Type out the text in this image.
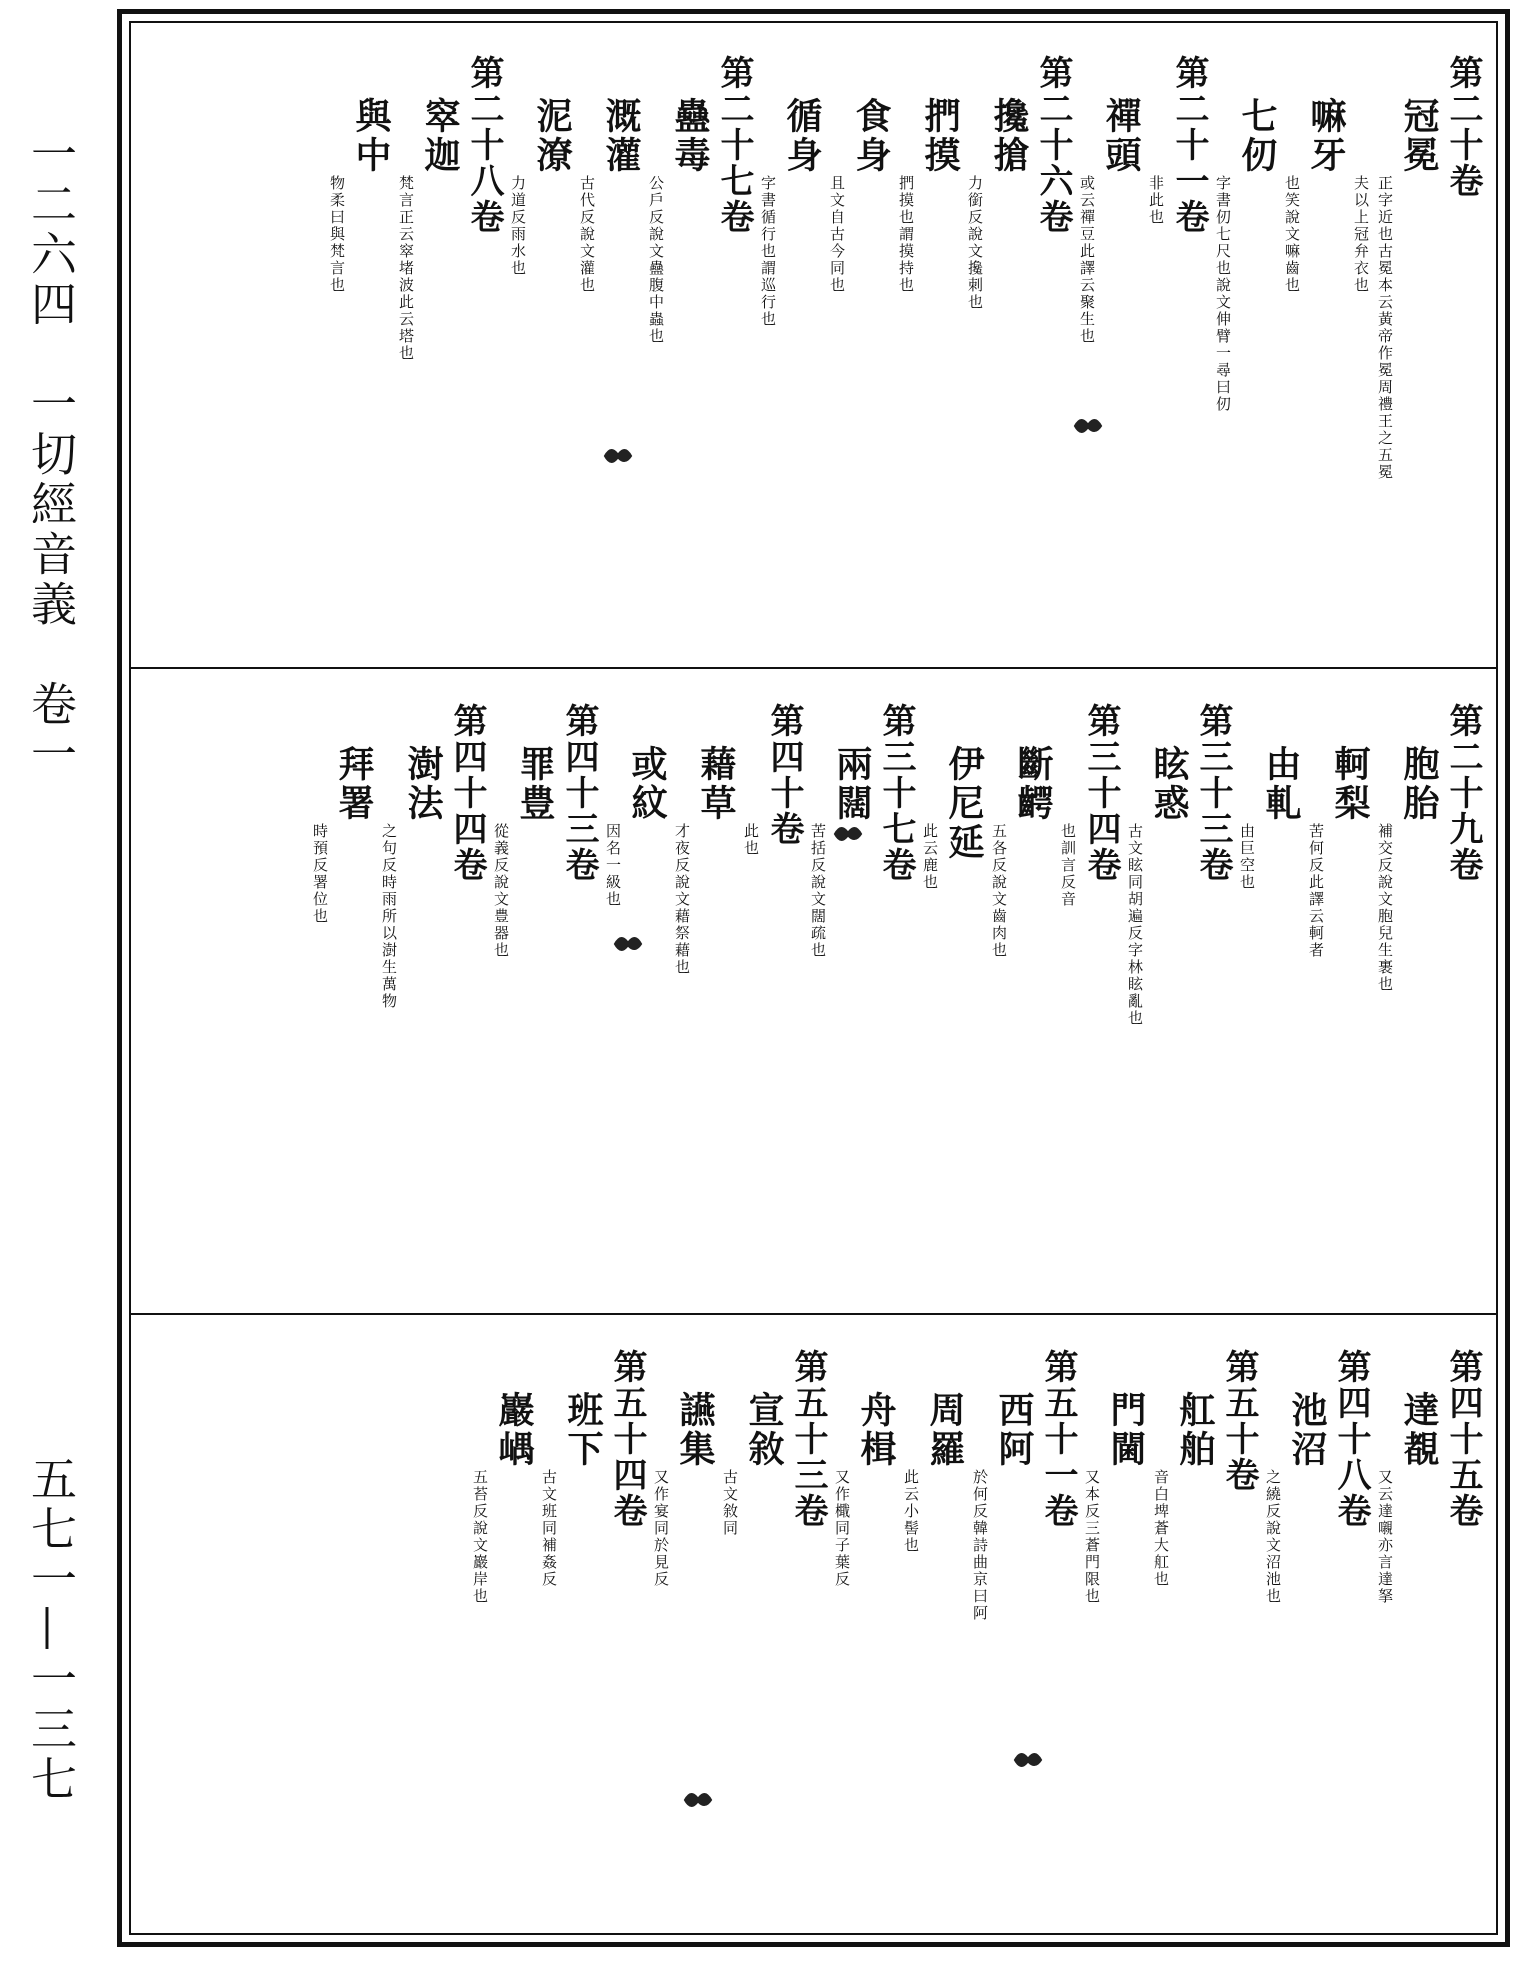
一二六四　一切經音義　卷一
五七一—一三七
第二十卷
冠冕
正字近也古冕本云黃帝作冕周禮王之五冕
夫以上冠弁衣也
嘛牙
也笑說文嘛齒也
七仞
字書仞七尺也說文伸臂一尋曰仞
第二十一卷
非此也
禪頭
或云禪豆此譯云聚生也
第二十六卷
攙搶
力銜反說文攙刺也
捫摸
捫摸也謂摸持也
食身
且文自古今同也
循身
字書循行也謂巡行也
第二十七卷
蠱毒
公戶反說文蠱腹中蟲也
溉灌
古代反說文灌也
泥潦
力道反雨水也
第二十八卷
窣迦
梵言正云窣堵波此云塔也
與中
物柔曰與梵言也
第二十九卷
胞胎
補交反說文胞兒生裹也
軻梨
苦何反此譯云軻者
由軋
由巨空也
第三十三卷
眩惑
古文眩同胡遍反字林眩亂也
第三十四卷
也訓言反音
斷齶
五各反說文齒肉也
伊尼延
此云鹿也
第三十七卷
兩闊
苦括反說文闊疏也
第四十卷
此也
藉草
才夜反說文藉祭藉也
或紋
因名一級也
第四十三卷
罪豊
從義反說文豊器也
第四十四卷
澍法
之句反時雨所以澍生萬物
拜署
時預反署位也
第四十五卷
達覩
又云達嚫亦言達拏
第四十八卷
池沼
之繞反說文沼池也
第五十卷
舡舶
音白埤蒼大舡也
門閫
又本反三蒼門限也
第五十一卷
西阿
於何反韓詩曲京曰阿
周羅
此云小髻也
舟楫
又作檝同子葉反
第五十三卷
宣敘
古文敘同
讌集
又作宴同於見反
第五十四卷
班下
古文班同補姦反
巖嵎
五苔反說文巖岸也
